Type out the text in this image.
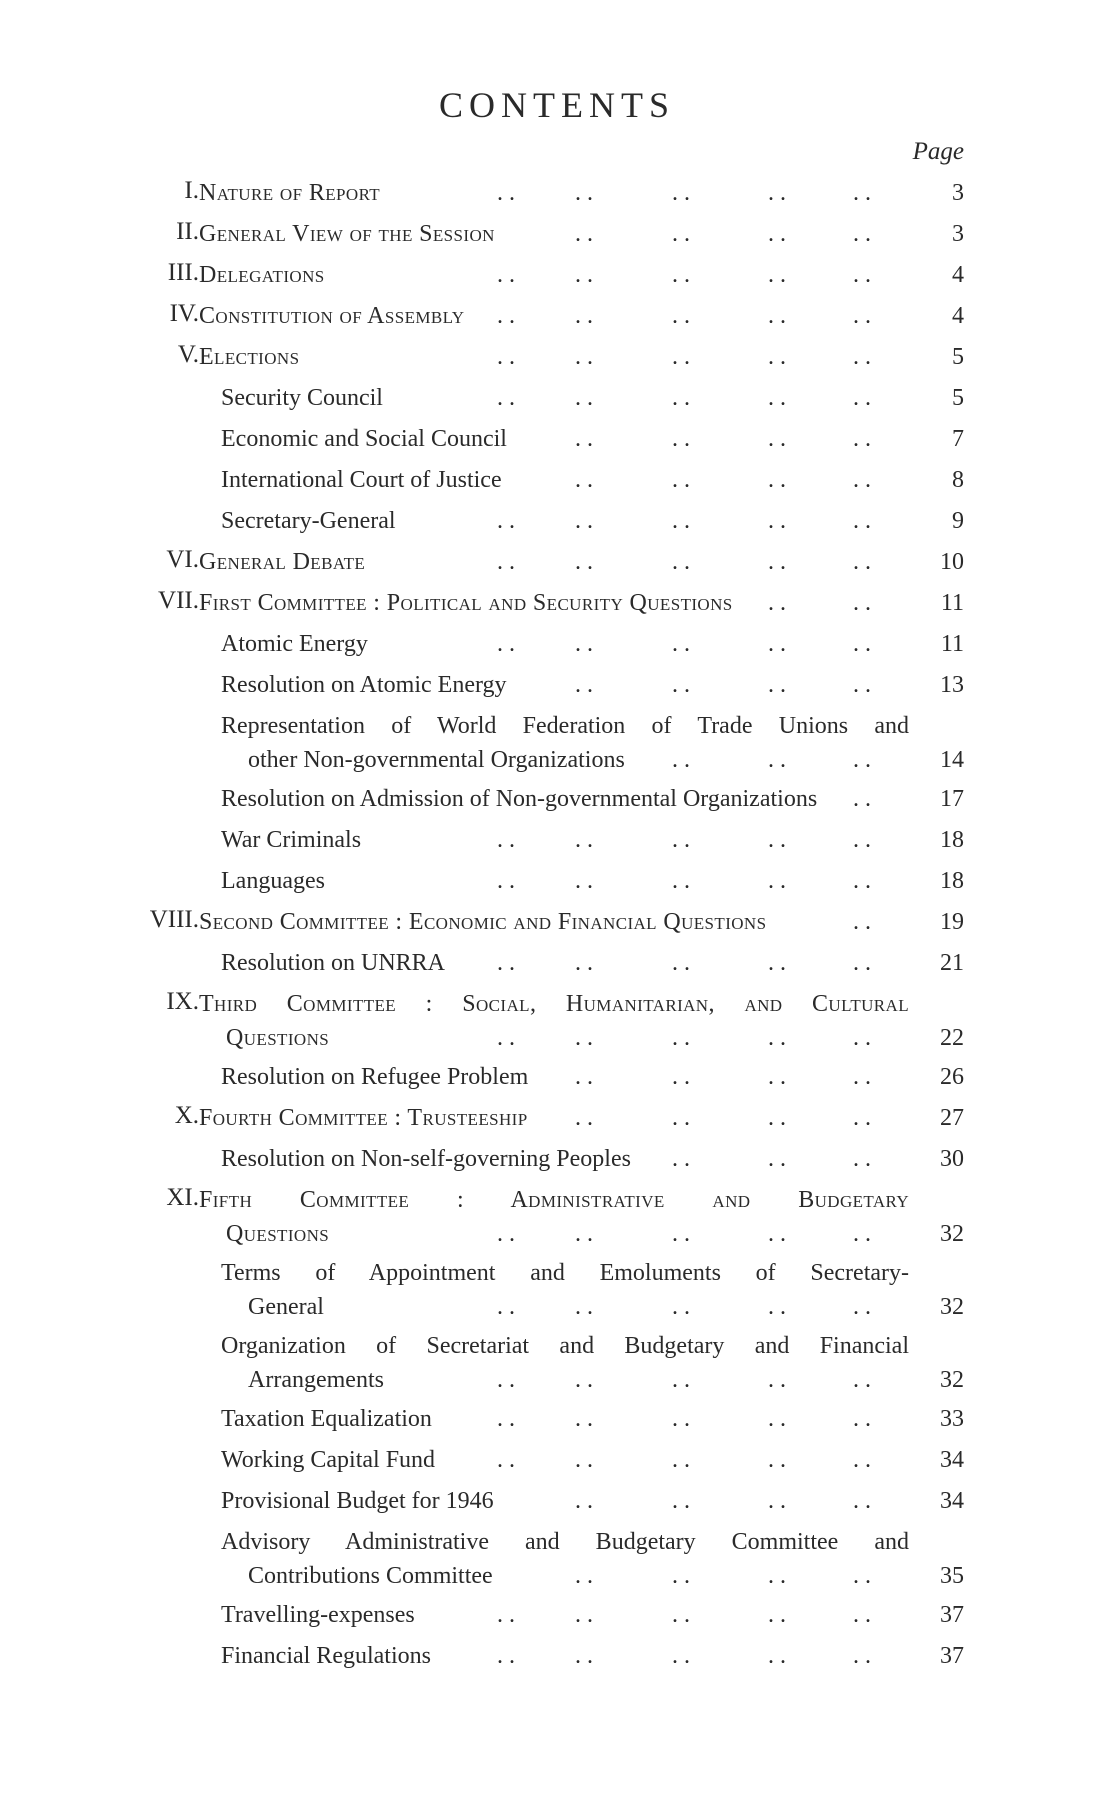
CONTENTS
Page
I. Nature of Report	3
. .	. .	. .	. .	. .
II. General View of the Session	3
. .	. .	. .	. .
III. Delegations	4
. .	. .	. .	. .	. .
IV. Constitution of Assembly	4
. .	. .	. .	. .	. .
V. Elections	5
. .	. .	. .	. .	. .
Security Council	5
. .	. .	. .	. .	. .
Economic and Social Council	7
. .	. .	. .	. .
International Court of Justice	8
. .	. .	. .	. .
Secretary-General	9
. .	. .	. .	. .	. .
VI. General Debate	10
. .	. .	. .	. .	. .
VII. First Committee : Political and Security Questions	11
. .	. .
Atomic Energy	11
. .	. .	. .	. .	. .
Resolution on Atomic Energy	13
. .	. .	. .	. .
Representation of World Federation of Trade Unions and
other Non-governmental Organizations	14
. .	. .	. .
Resolution on Admission of Non-governmental Organizations	17
. .
War Criminals	18
. .	. .	. .	. .	. .
Languages	18
. .	. .	. .	. .	. .
VIII. Second Committee : Economic and Financial Questions	19
. .
Resolution on UNRRA	21
. .	. .	. .	. .	. .
IX. Third Committee : Social, Humanitarian, and Cultural
Questions	22
. .	. .	. .	. .	. .
Resolution on Refugee Problem	26
. .	. .	. .	. .
X. Fourth Committee : Trusteeship	27
. .	. .	. .	. .
Resolution on Non-self-governing Peoples	30
. .	. .	. .
XI. Fifth Committee : Administrative and Budgetary
Questions	32
. .	. .	. .	. .	. .
Terms of Appointment and Emoluments of Secretary-
General	32
. .	. .	. .	. .	. .
Organization of Secretariat and Budgetary and Financial
Arrangements	32
. .	. .	. .	. .	. .
Taxation Equalization	33
. .	. .	. .	. .	. .
Working Capital Fund	34
. .	. .	. .	. .	. .
Provisional Budget for 1946	34
. .	. .	. .	. .
Advisory Administrative and Budgetary Committee and
Contributions Committee	35
. .	. .	. .	. .
Travelling-expenses	37
. .	. .	. .	. .	. .
Financial Regulations	37
. .	. .	. .	. .	. .
